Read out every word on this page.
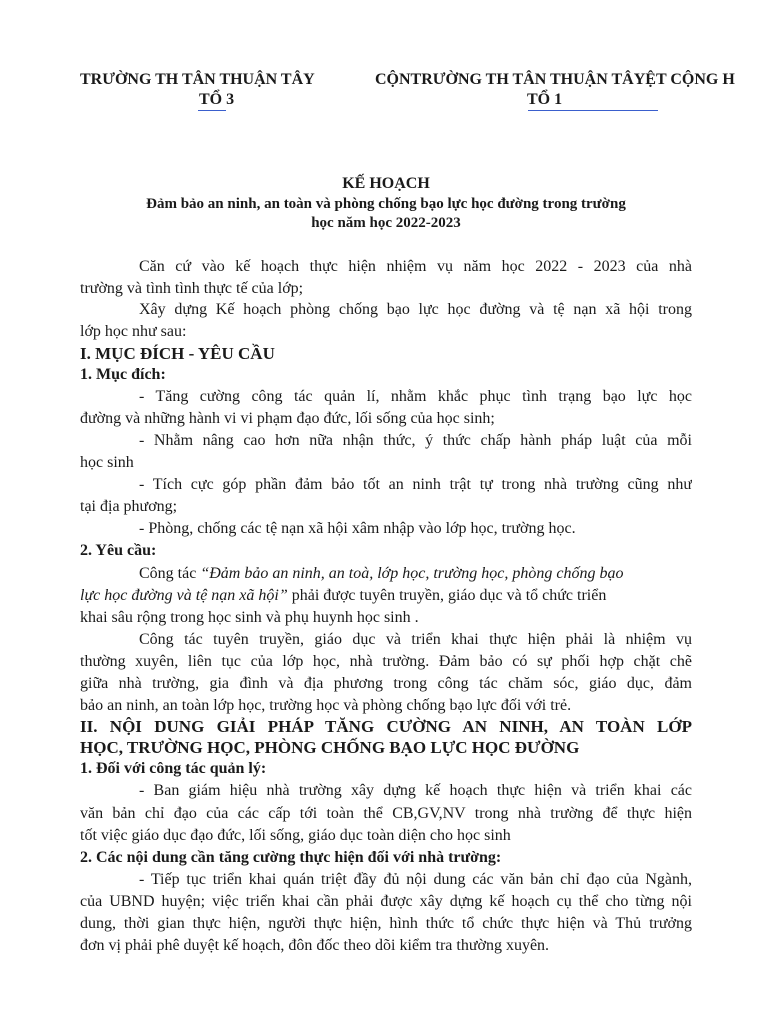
TRƯỜNG TH TÂN THUẬN TÂY
TỔ 3
CỘNTRƯỜNG TH TÂN THUẬN TÂYỆT CỘNG H
TỔ 1
KẾ HOẠCH
Đảm bảo an ninh, an toàn và phòng chống bạo lực học đường trong trường
học năm học 2022-2023
Căn cứ vào kế hoạch thực hiện nhiệm vụ năm học 2022 - 2023 của nhà
trường và tình tình thực tế của lớp;
Xây dựng Kế hoạch phòng chống bạo lực học đường và tệ nạn xã hội trong
lớp học như sau:
I. MỤC ĐÍCH - YÊU CẦU
1. Mục đích:
- Tăng cường công tác quản lí, nhằm khắc phục tình trạng bạo lực học
đường và những hành vi vi phạm đạo đức, lối sống của học sinh;
- Nhằm nâng cao hơn nữa nhận thức, ý thức chấp hành pháp luật của mỗi
học sinh
- Tích cực góp phần đảm bảo tốt an ninh trật tự trong nhà trường cũng như
tại địa phương;
- Phòng, chống các tệ nạn xã hội xâm nhập vào lớp học, trường học.
2. Yêu cầu:
Công tác “Đảm bảo an ninh, an toà, lớp học, trường học, phòng chống bạo
lực học đường và tệ nạn xã hội” phải được tuyên truyền, giáo dục và tổ chức triển
khai sâu rộng trong học sinh và phụ huynh học sinh .
Công tác tuyên truyền, giáo dục và triển khai thực hiện phải là nhiệm vụ
thường xuyên, liên tục của lớp học, nhà trường. Đảm bảo có sự phối hợp chặt chẽ
giữa nhà trường, gia đình và địa phương trong công tác chăm sóc, giáo dục, đảm
bảo an ninh, an toàn lớp học, trường học và phòng chống bạo lực đối với trẻ.
II. NỘI DUNG GIẢI PHÁP TĂNG CƯỜNG AN NINH, AN TOÀN LỚP
HỌC, TRƯỜNG HỌC, PHÒNG CHỐNG BẠO LỰC HỌC ĐƯỜNG
1. Đối với công tác quản lý:
- Ban giám hiệu nhà trường xây dựng kế hoạch thực hiện và triển khai các
văn bản chỉ đạo của các cấp tới toàn thể CB,GV,NV trong nhà trường để thực hiện
tốt việc giáo dục đạo đức, lối sống, giáo dục toàn diện cho học sinh
2. Các nội dung cần tăng cường thực hiện đối với nhà trường:
- Tiếp tục triển khai quán triệt đầy đủ nội dung các văn bản chỉ đạo của Ngành,
của UBND huyện; việc triển khai cần phải được xây dựng kế hoạch cụ thể cho từng nội
dung, thời gian thực hiện, người thực hiện, hình thức tổ chức thực hiện và Thủ trưởng
đơn vị phải phê duyệt kế hoạch, đôn đốc theo dõi kiểm tra thường xuyên.
